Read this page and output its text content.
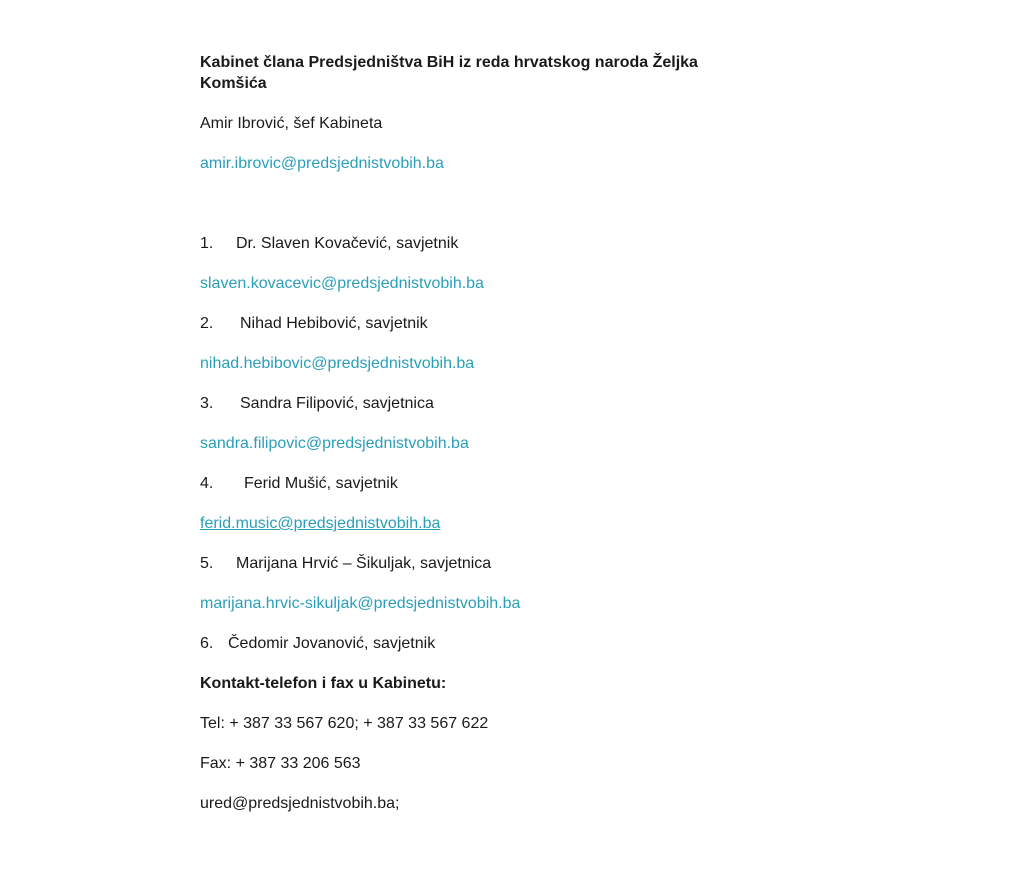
Kabinet člana Predsjedništva BiH iz reda hrvatskog naroda Željka Komšića

Amir Ibrović, šef Kabineta
amir.ibrovic@predsjednistvobih.ba
1. Dr. Slaven Kovačević, savjetnik
slaven.kovacevic@predsjednistvobih.ba
2. Nihad Hebibović, savjetnik
nihad.hebibovic@predsjednistvobih.ba
3. Sandra Filipović, savjetnica
sandra.filipovic@predsjednistvobih.ba
4. Ferid Mušić, savjetnik
ferid.music@predsjednistvobih.ba
5. Marijana Hrvić – Šikuljak, savjetnica
marijana.hrvic-sikuljak@predsjednistvobih.ba
6. Čedomir Jovanović, savjetnik
Kontakt-telefon i fax u Kabinetu:
Tel: + 387 33 567 620; + 387 33 567 622
Fax: + 387 33 206 563
ured@predsjednistvobih.ba;
